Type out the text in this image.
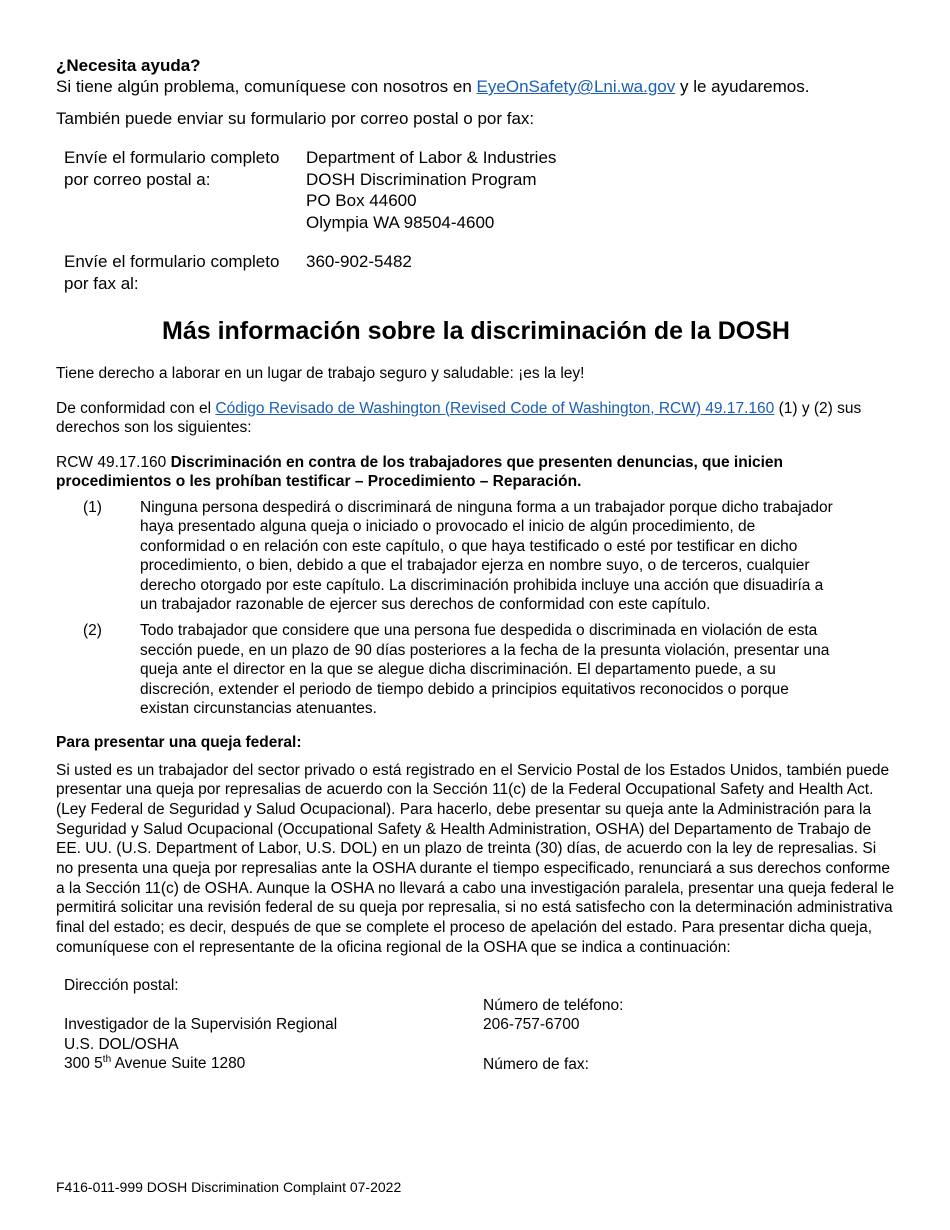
¿Necesita ayuda?

Si tiene algún problema, comuníquese con nosotros en EyeOnSafety@Lni.wa.gov y le ayudaremos.

También puede enviar su formulario por correo postal o por fax:

Envíe el formulario completo por correo postal a:	Department of Labor & Industries
DOSH Discrimination Program
PO Box 44600
Olympia WA 98504-4600

Envíe el formulario completo por fax al:	360-902-5482
Más información sobre la discriminación de la DOSH

Tiene derecho a laborar en un lugar de trabajo seguro y saludable: ¡es la ley!

De conformidad con el Código Revisado de Washington (Revised Code of Washington, RCW) 49.17.160 (1) y (2) sus derechos son los siguientes:

RCW 49.17.160 Discriminación en contra de los trabajadores que presenten denuncias, que inicien procedimientos o les prohíban testificar – Procedimiento – Reparación.

(1)	Ninguna persona despedirá o discriminará de ninguna forma a un trabajador porque dicho trabajador haya presentado alguna queja o iniciado o provocado el inicio de algún procedimiento, de conformidad o en relación con este capítulo, o que haya testificado o esté por testificar en dicho procedimiento, o bien, debido a que el trabajador ejerza en nombre suyo, o de terceros, cualquier derecho otorgado por este capítulo. La discriminación prohibida incluye una acción que disuadiría a un trabajador razonable de ejercer sus derechos de conformidad con este capítulo.
(2)	Todo trabajador que considere que una persona fue despedida o discriminada en violación de esta sección puede, en un plazo de 90 días posteriores a la fecha de la presunta violación, presentar una queja ante el director en la que se alegue dicha discriminación. El departamento puede, a su discreción, extender el periodo de tiempo debido a principios equitativos reconocidos o porque existan circunstancias atenuantes.

Para presentar una queja federal:

Si usted es un trabajador del sector privado o está registrado en el Servicio Postal de los Estados Unidos, también puede presentar una queja por represalias de acuerdo con la Sección 11(c) de la Federal Occupational Safety and Health Act. (Ley Federal de Seguridad y Salud Ocupacional). Para hacerlo, debe presentar su queja ante la Administración para la Seguridad y Salud Ocupacional (Occupational Safety & Health Administration, OSHA) del Departamento de Trabajo de EE. UU. (U.S. Department of Labor, U.S. DOL) en un plazo de treinta (30) días, de acuerdo con la ley de represalias. Si no presenta una queja por represalias ante la OSHA durante el tiempo especificado, renunciará a sus derechos conforme a la Sección 11(c) de OSHA. Aunque la OSHA no llevará a cabo una investigación paralela, presentar una queja federal le permitirá solicitar una revisión federal de su queja por represalia, si no está satisfecho con la determinación administrativa final del estado; es decir, después de que se complete el proceso de apelación del estado. Para presentar dicha queja, comuníquese con el representante de la oficina regional de la OSHA que se indica a continuación:

Dirección postal:

Investigador de la Supervisión Regional
U.S. DOL/OSHA
300 5th Avenue Suite 1280
Número de teléfono:
206-757-6700

Número de fax:
F416-011-999 DOSH Discrimination Complaint 07-2022
